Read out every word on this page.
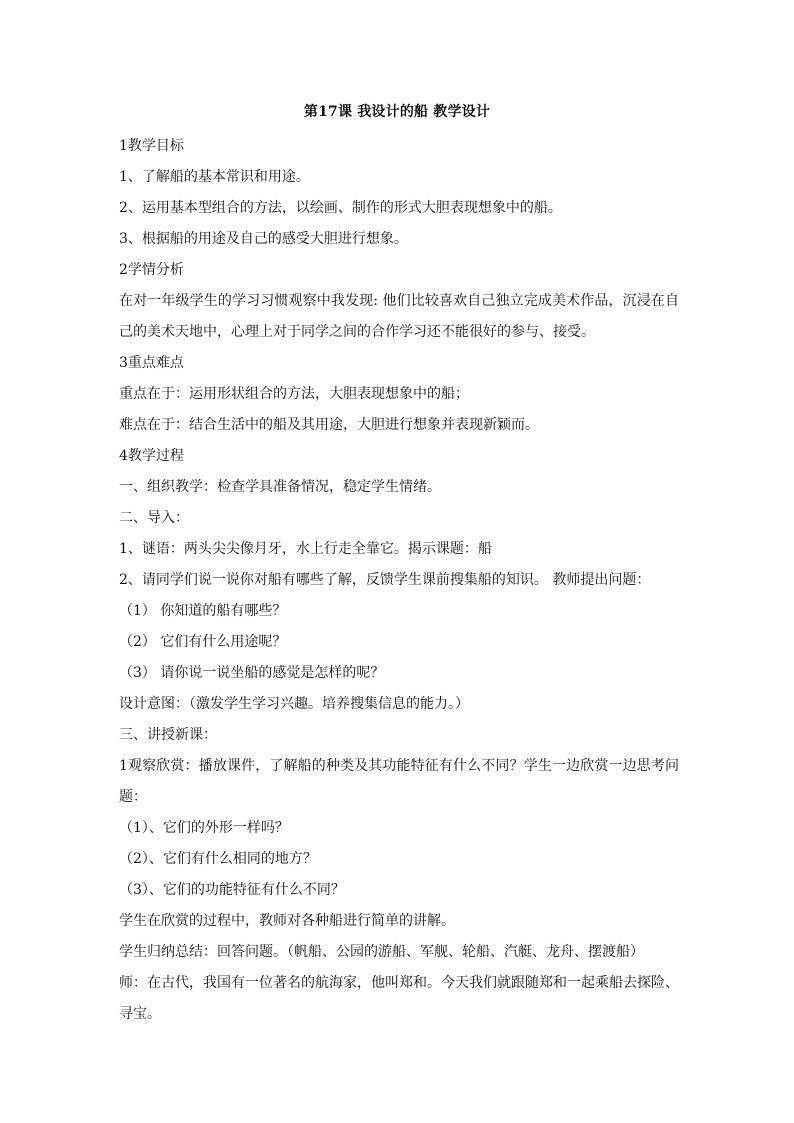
第17课 我设计的船 教学设计
1教学目标
1、了解船的基本常识和用途。
2、运用基本型组合的方法，以绘画、制作的形式大胆表现想象中的船。
3、根据船的用途及自己的感受大胆进行想象。
2学情分析
在对一年级学生的学习习惯观察中我发现: 他们比较喜欢自己独立完成美术作品，沉浸在自己的美术天地中，心理上对于同学之间的合作学习还不能很好的参与、接受。
3重点难点
重点在于：运用形状组合的方法，大胆表现想象中的船；
难点在于：结合生活中的船及其用途，大胆进行想象并表现新颖而。
4教学过程
一、组织教学：检查学具准备情况，稳定学生情绪。
二、导入：
1、谜语：两头尖尖像月牙，水上行走全靠它。揭示课题：船
2、请同学们说一说你对船有哪些了解，反馈学生课前搜集船的知识。 教师提出问题：
（1） 你知道的船有哪些？
（2） 它们有什么用途呢？
（3） 请你说一说坐船的感觉是怎样的呢？
设计意图：（激发学生学习兴趣。培养搜集信息的能力。）
三、讲授新课：
1观察欣赏：播放课件，了解船的种类及其功能特征有什么不同？学生一边欣赏一边思考问题：
（1）、它们的外形一样吗？
（2）、它们有什么相同的地方？
（3）、它们的功能特征有什么不同？
学生在欣赏的过程中，教师对各种船进行简单的讲解。
学生归纳总结：回答问题。（帆船、公园的游船、军舰、轮船、汽艇、龙舟、摆渡船）
师：在古代，我国有一位著名的航海家，他叫郑和。今天我们就跟随郑和一起乘船去探险、寻宝。
